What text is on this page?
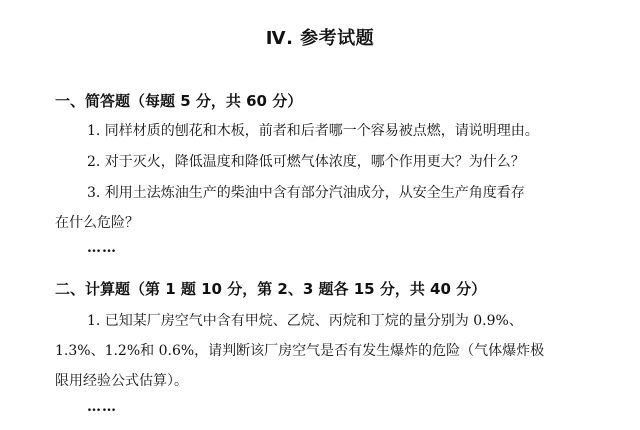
Ⅳ. 参考试题
一、简答题（每题 5 分，共 60 分）
1. 同样材质的刨花和木板，前者和后者哪一个容易被点燃，请说明理由。
2. 对于灭火，降低温度和降低可燃气体浓度，哪个作用更大？为什么？
3. 利用土法炼油生产的柴油中含有部分汽油成分，从安全生产角度看存
在什么危险？
……
二、计算题（第 1 题 10 分，第 2、3 题各 15 分，共 40 分）
1. 已知某厂房空气中含有甲烷、乙烷、丙烷和丁烷的量分别为 0.9%、
1.3%、1.2%和 0.6%，请判断该厂房空气是否有发生爆炸的危险（气体爆炸极
限用经验公式估算）。
……
